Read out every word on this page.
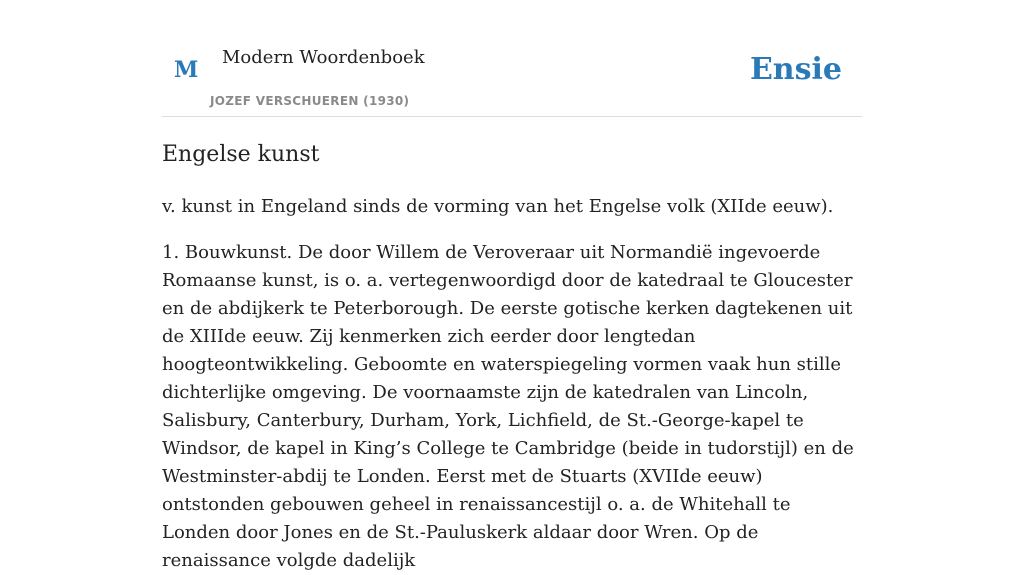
M Modern Woordenboek
JOZEF VERSCHUEREN (1930)
Ensie
Engelse kunst

v. kunst in Engeland sinds de vorming van het Engelse volk (XIIde eeuw).

1. Bouwkunst. De door Willem de Veroveraar uit Normandië ingevoerde Romaanse kunst, is o. a. vertegenwoordigd door de katedraal te Gloucester en de abdijkerk te Peterborough. De eerste gotische kerken dagtekenen uit de XIIIde eeuw. Zij kenmerken zich eerder door lengtedan hoogteontwikkeling. Geboomte en waterspiegeling vormen vaak hun stille dichterlijke omgeving. De voornaamste zijn de katedralen van Lincoln, Salisbury, Canterbury, Durham, York, Lichfield, de St.-George-kapel te Windsor, de kapel in King’s College te Cambridge (beide in tudorstijl) en de Westminster-abdij te Londen. Eerst met de Stuarts (XVIIde eeuw) ontstonden gebouwen geheel in renaissancestijl o. a. de Whitehall te Londen door Jones en de St.-Pauluskerk aldaar door Wren. Op de renaissance volgde dadelijk
